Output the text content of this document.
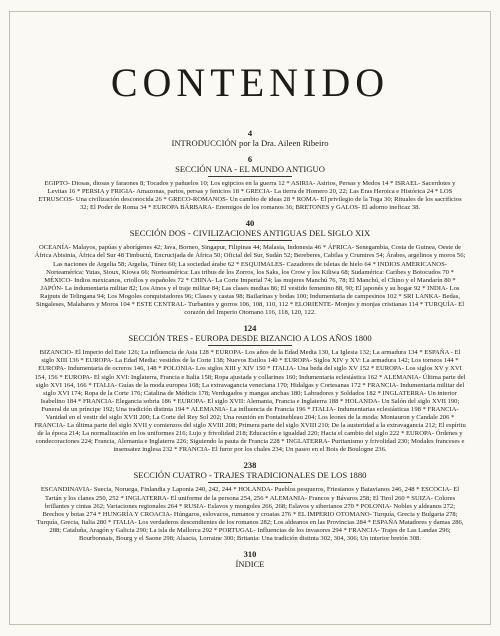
CONTENIDO
4
INTRODUCCIÓN por la Dra. Aileen Ribeiro
6
SECCIÓN UNA - EL MUNDO ANTIGUO
EGIPTO- Diosas, diosas y faraones 8; Tocados y pañuelos 10; Los egipcios en la guerra 12 * ASIRIA- Asirios, Persas y Medos 14 * ISRAEL- Sacerdotes y Levitas 16 * PERSIA y FRIGIA- Amazonas, partos, persas y fenicios 18 * GRECIA- La tierra de Homero 20, 22; Las Eras Heroica e Histórica 24 * LOS ETRUSCOS- Una civilización desconocida 26 * GRECO-ROMANOS- Un cambio de ideas 28 * ROMA- El privilegio de la Toga 30; Rituales de los sacrificios 32; El Poder de Roma 34 * EUROPA BÁRBARA- Enemigos de los romanos 36; BRETONES y GALOS- El adorno ineficaz 38.
40
SECCIÓN DOS - CIVILIZACIONES ANTIGUAS DEL SIGLO XIX
OCEANÍA- Malayos, papúas y aborígenes 42; Java, Borneo, Singapur, Filipinas 44; Malasia, Indonesia 46 * ÁFRICA- Senegambia, Costa de Guinea, Oeste de África Abisinia, África del Sur 48 Timbuctú, Encrucijada de África 50; Oficial del Sur, Sudán 52; Bereberes, Cabilas y Crumires 54; Árabes, argelinos y moros 56; Las naciones de Argelia 58; Argelia, Túnez 60; La sociedad árabe 62 * ESQUIMALES- Cazadores de isletas de hielo 64 * INDIOS AMERICANOS- Norteamérica: Yutas, Sioux, Kiowa 66; Norteamérica: Las tribus de los Zorros, los Saks, los Crow y los Kiliwa 68; Sudamérica: Caribes y Botocudos 70 * MÉXICO- Indios mexicanos, criollos y españoles 72 * CHINA- La Corte Imperial 74; las mujeres Manchú 76, 78; El Manchú, el Chino y el Mandarín 80 * JAPÓN- La indumentaria militar 82; Los Ainos y el traje militar 84; Las clases medias 86; El vestido femenino 88, 90; El japonés y su hogar 92 * INDIA- Los Rajputs de Telingana 94; Los Mogoles conquistadores 96; Clases y castas 98; Bailarinas y bodas 100; Indumentaria de campesinos 102 * SRI LANKA- Bedas, Singaleses, Malabares y Moros 104 * ESTE CENTRAL- Turbantes y gorros 106, 108, 110, 112 * ELORIENTE- Monjes y monjas cristianas 114 * TURQUÍA- El corazón del Imperio Otomano 116, 118, 120, 122.
124
SECCIÓN TRES - EUROPA DESDE BIZANCIO A LOS AÑOS 1800
BIZANCIO- El Imperio del Este 126; La influencia de Asia 128 * EUROPA- Los años de la Edad Media 130, La Iglesia 132; La armadura 134 * ESPAÑA - El siglo XIII 136 * EUROPA- La Edad Media: vestidos de la Corte 138; Nuevos Estilos 140 * EUROPA- Siglos XIV y XV: La armadura 142; Los torneos 144 * EUROPA- Indumentaria de ocreros 146, 148 * POLONIA- Los siglos XIII y XIV 150 * ITALIA- Una beda del siglo XV 152 * EUROPA- Los siglos XV y XVI 154, 156 * EUROPA- El siglo XVI: Inglaterra, Francia e Italia 158; Ropa ajustada y collarines 160; Indumentaria eclesiástica 162 * ALEMANIA- Última parte del siglo XVI 164, 166 * ITALIA- Guías de la moda europea 168; La extravagancia veneciana 170; Hidalgas y Cortesanas 172 * FRANCIA- Indumentaria militar del siglo XVI 174; Ropa de la Corte 176; Catalina de Médicis 178; Verdugados y mangas anchas 180; Labradores y Soldados 182 * INGLATERRA- Un interior Isabelino 184 * FRANCIA- Elegancia sobria 186 * EUROPA- El siglo XVII: Alemania, Francia e Inglaterra 188 * HOLANDA- Un Salón del siglo XVII 190; Funeral de un príncipe 192; Una tradición distinta 194 * ALEMANIA- La influencia de Francia 196 * ITALIA- Indumentarias eclesiásticas 198 * FRANCIA- Vanidad en el vestir del siglo XVII 200; La Corte del Rey Sol 202; Una reunión en Fontainebleau 204; Los leones de la moda: Montauron y Candale 206 * FRANCIA- La última parte del siglo XVII y comienzos del siglo XVIII 208; Primera parte del siglo XVIII 210; De la austeridad a la extravagancia 212; El espíritu de la época 214; La normalización en los uniformes 216; Lujo y frivolidad 218; Educación e igualdad 220; Hacia el cambio del siglo 222 * EUROPA- Órdenes y condecoraciones 224; Francia, Alemania e Inglaterra 226; Siguiendo la pauta de Francia 228 * INGLATERRA- Puritanismo y frivolidad 230; Modales franceses e insensatez inglesa 232 * FRANCIA- El furor por los chales 234; Un paseo en el Bois de Boulogne 236.
238
SECCIÓN CUATRO - TRAJES TRADICIONALES DE LOS 1880
ESCANDINAVIA- Suecia, Noruega, Finlandia y Laponia 240, 242, 244 * HOLANDA- Pueblos pesqueros, Friesianos y Batavianos 246, 248 * ESCOCIA- El Tartán y los clanes 250, 252 * INGLATERRA- El uniforme de la persona 254, 256 * ALEMANIA- Francos y Bávaros 258; El Tirol 260 * SUIZA- Colores brillantes y cintas 262; Variaciones regionales 264 * RUSIA- Eslavos y mongoles 266, 268; Eslavos y siberianos 270 * POLONIA- Nobles y aldeanos 272; Brechos y botas 274 * HUNGRÍA Y CROACIA- Húngaros, eslovacos, rumanos y croatas 276 * EL IMPERIO OTOMANO- Turquía, Grecia y Bulgaria 278; Turquía, Grecia, Italia 280 * ITALIA- Los verdaderos descendientes de los romanos 282; Los aldeanos en las Provincias 284 * ESPAÑA Matadores y damas 286, 288; Cataluña, Aragón y Galicia 290; La isla de Mallorca 292 * PORTUGAL- Influencias de los invasores 294 * FRANCIA- Trajes de Las Landas 296; Bourbonnais, Bourg y el Saone 298; Alsacia, Lorraine 300; Britania: Una tradición distinta 302, 304, 306; Un interior bretón 308.
310
ÍNDICE
